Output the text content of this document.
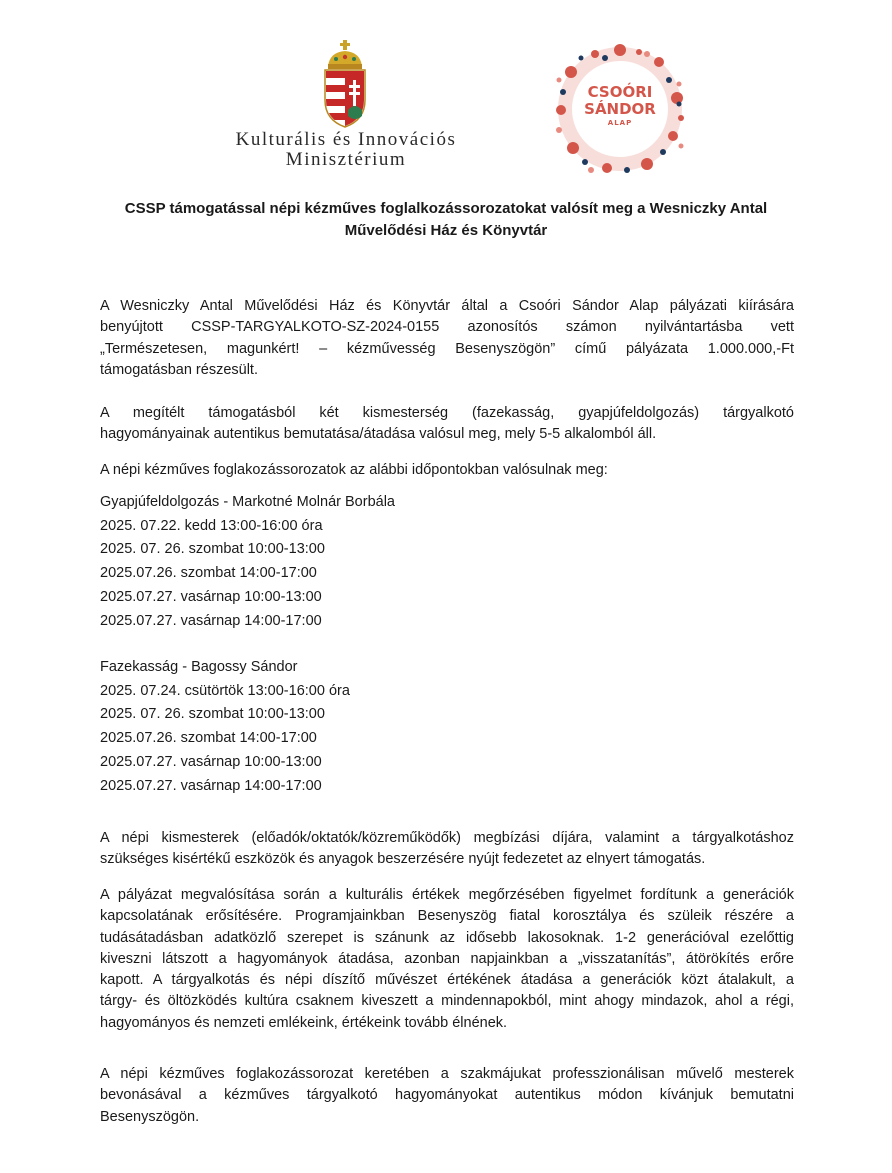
Kulturális és Innovációs
Minisztérium
CSOÓRI
SÁNDOR
ALAP
CSSP támogatással népi kézműves foglalkozássorozatokat valósít meg a Wesniczky Antal
Művelődési Ház és Könyvtár
A Wesniczky Antal Művelődési Ház és Könyvtár által a Csoóri Sándor Alap pályázati kiírására
benyújtott CSSP-TARGYALKOTO-SZ-2024-0155 azonosítós számon nyilvántartásba vett
„Természetesen, magunkért! – kézművesség Besenyszögön” című pályázata 1.000.000,-Ft
támogatásban részesült.
A megítélt támogatásból két kismesterség (fazekasság, gyapjúfeldolgozás) tárgyalkotó
hagyományainak autentikus bemutatása/átadása valósul meg, mely 5-5 alkalomból áll.
A népi kézműves foglakozássorozatok az alábbi időpontokban valósulnak meg:
Gyapjúfeldolgozás - Markotné Molnár Borbála
2025. 07.22. kedd 13:00-16:00 óra
2025. 07. 26. szombat 10:00-13:00
2025.07.26. szombat 14:00-17:00
2025.07.27. vasárnap 10:00-13:00
2025.07.27. vasárnap 14:00-17:00
Fazekasság - Bagossy Sándor
2025. 07.24. csütörtök 13:00-16:00 óra
2025. 07. 26. szombat 10:00-13:00
2025.07.26. szombat 14:00-17:00
2025.07.27. vasárnap 10:00-13:00
2025.07.27. vasárnap 14:00-17:00
A népi kismesterek (előadók/oktatók/közreműködők) megbízási díjára, valamint a tárgyalkotáshoz
szükséges kisértékű eszközök és anyagok beszerzésére nyújt fedezetet az elnyert támogatás.
A pályázat megvalósítása során a kulturális értékek megőrzésében figyelmet fordítunk a generációk
kapcsolatának erősítésére. Programjainkban Besenyszög fiatal korosztálya és szüleik részére a
tudásátadásban adatközlő szerepet is szánunk az idősebb lakosoknak. 1-2 generációval ezelőttig
kiveszni látszott a hagyományok átadása, azonban napjainkban a „visszatanítás”, átörökítés erőre
kapott. A tárgyalkotás és népi díszítő művészet értékének átadása a generációk közt átalakult, a
tárgy- és öltözködés kultúra csaknem kiveszett a mindennapokból, mint ahogy mindazok, ahol a régi,
hagyományos és nemzeti emlékeink, értékeink tovább élnének.
A népi kézműves foglakozássorozat keretében a szakmájukat professzionálisan művelő mesterek
bevonásával a kézműves tárgyalkotó hagyományokat autentikus módon kívánjuk bemutatni
Besenyszögön.
